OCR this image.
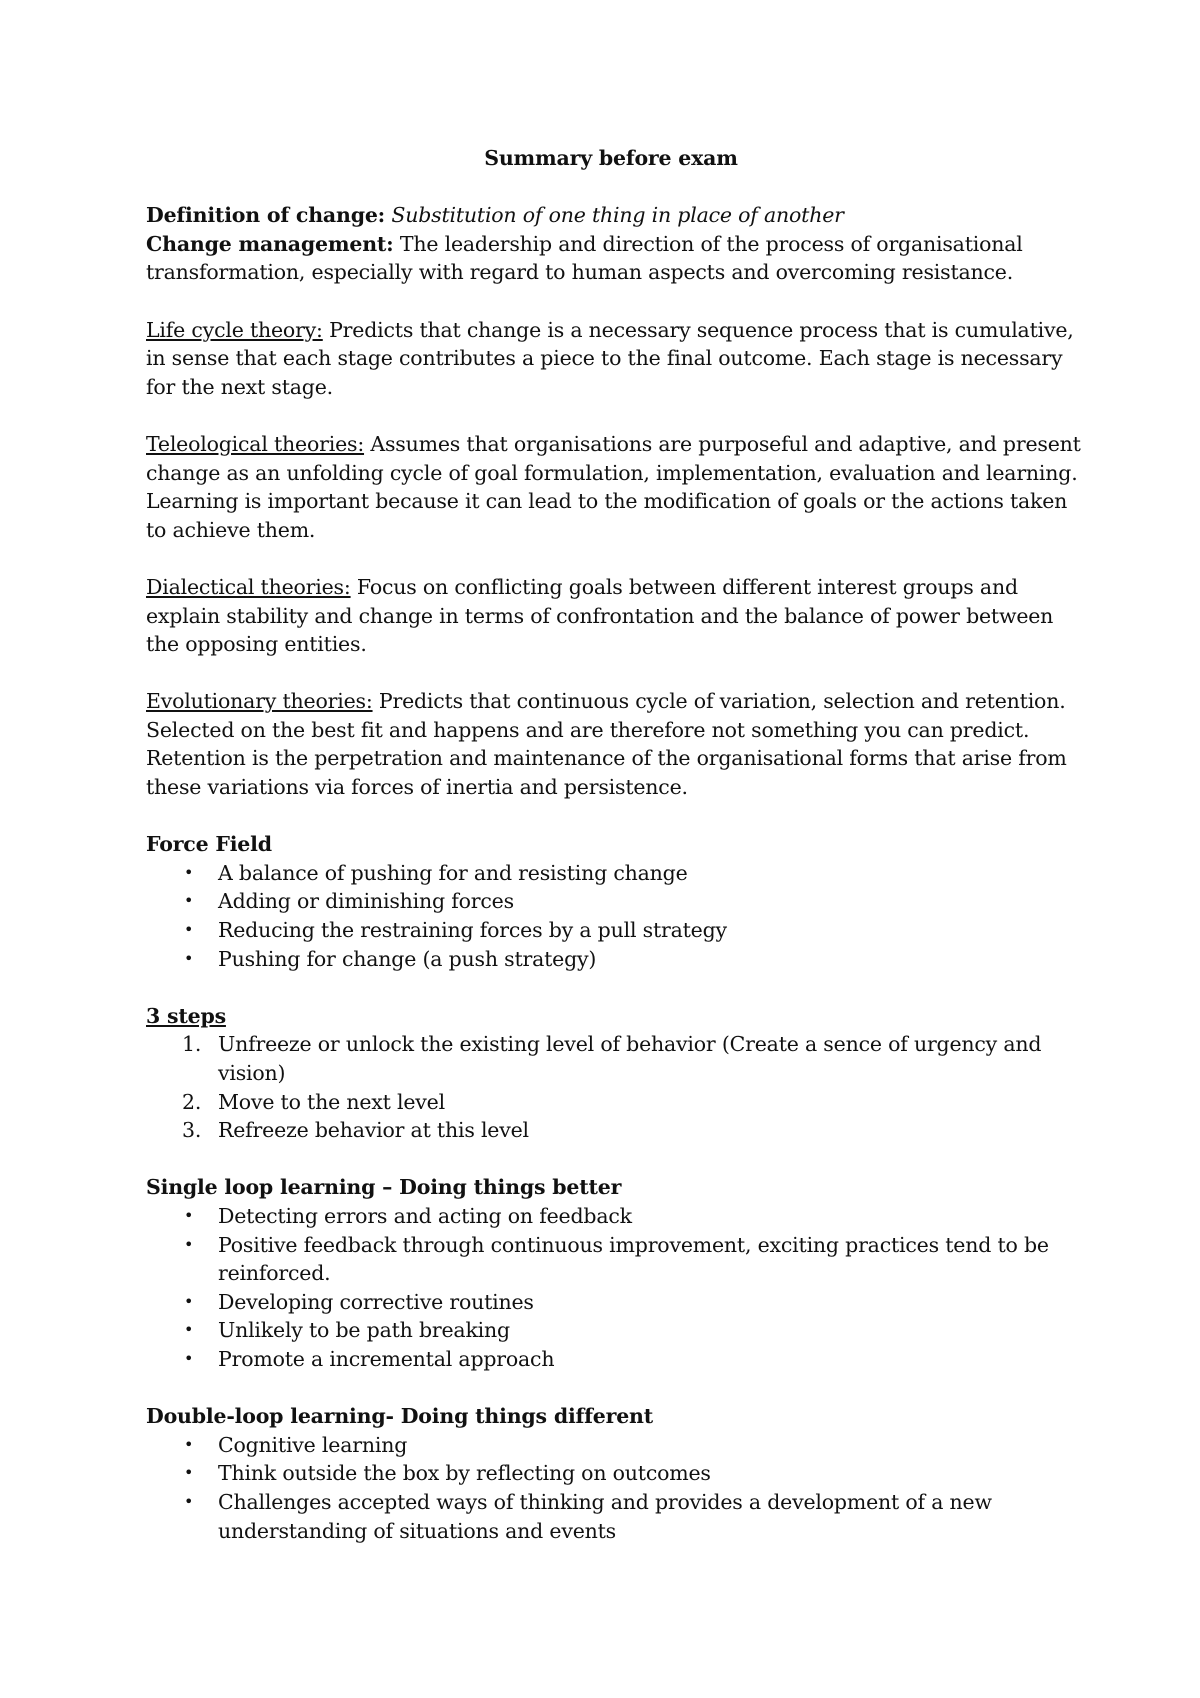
Summary before exam

Definition of change: Substitution of one thing in place of another
Change management: The leadership and direction of the process of organisational transformation, especially with regard to human aspects and overcoming resistance.

Life cycle theory: Predicts that change is a necessary sequence process that is cumulative, in sense that each stage contributes a piece to the final outcome. Each stage is necessary for the next stage.

Teleological theories: Assumes that organisations are purposeful and adaptive, and present change as an unfolding cycle of goal formulation, implementation, evaluation and learning. Learning is important because it can lead to the modification of goals or the actions taken to achieve them.

Dialectical theories: Focus on conflicting goals between different interest groups and explain stability and change in terms of confrontation and the balance of power between the opposing entities.

Evolutionary theories: Predicts that continuous cycle of variation, selection and retention. Selected on the best fit and happens and are therefore not something you can predict. Retention is the perpetration and maintenance of the organisational forms that arise from these variations via forces of inertia and persistence.

Force Field
• A balance of pushing for and resisting change
• Adding or diminishing forces
• Reducing the restraining forces by a pull strategy
• Pushing for change (a push strategy)
3 steps
1. Unfreeze or unlock the existing level of behavior (Create a sence of urgency and vision)
2. Move to the next level
3. Refreeze behavior at this level
Single loop learning – Doing things better
• Detecting errors and acting on feedback
• Positive feedback through continuous improvement, exciting practices tend to be reinforced.
• Developing corrective routines
• Unlikely to be path breaking
• Promote a incremental approach
Double-loop learning- Doing things different
• Cognitive learning
• Think outside the box by reflecting on outcomes
• Challenges accepted ways of thinking and provides a development of a new understanding of situations and events
